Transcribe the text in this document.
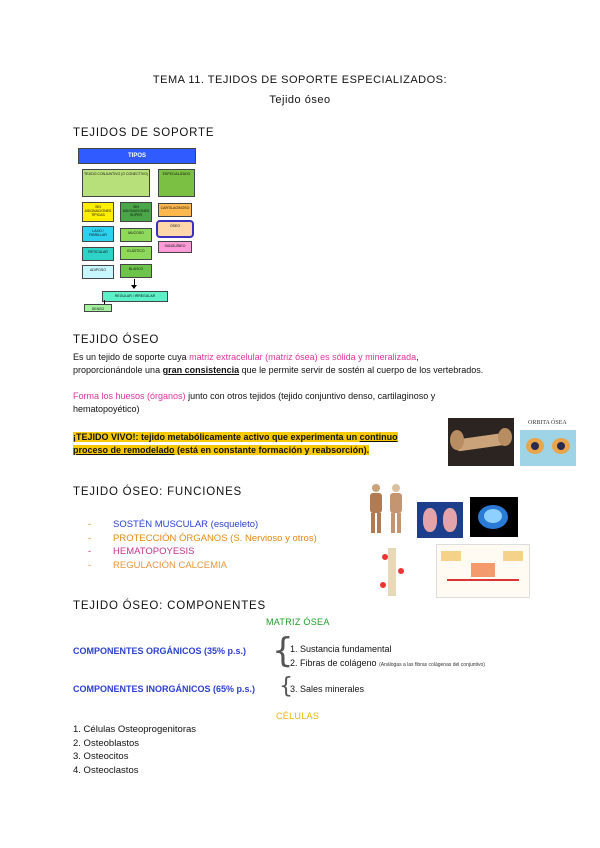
TEMA 11. TEJIDOS DE SOPORTE ESPECIALIZADOS:
Tejido óseo
TEJIDOS DE SOPORTE
TIPOS
TEJIDO CONJUNTIVO (O CONECTIVO)	ESPECIALIZADO
SIN ASIGNACIONES TÍPICAS
SIN ASIGNACIONES SUPER
CARTILAGINOSO
ÓSEO
SANGUÍNEO
LAXO / FIBRILLAR	MUCOSO
RETICULAR	ELÁSTICO
ADIPOSO	BLANCO
REGULAR / IRREGULAR
DENSO
TEJIDO ÓSEO
Es un tejido de soporte cuya matriz extracelular (matriz ósea) es sólida y mineralizada,
proporcionándole una gran consistencia que le permite servir de sostén al cuerpo de los vertebrados.
Forma los huesos (órganos) junto con otros tejidos (tejido conjuntivo denso, cartilaginoso y
hematopoyético)
¡TEJIDO VIVO!: tejido metabólicamente activo que experimenta un continuo
proceso de remodelado (está en constante formación y reabsorción).
ORBITA ÓSEA
TEJIDO ÓSEO: FUNCIONES
- SOSTÉN MUSCULAR (esqueleto)
- PROTECCIÓN ÓRGANOS (S. Nervioso y otros)
- HEMATOPOYESIS
- REGULACIÓN CALCEMIA
TEJIDO ÓSEO: COMPONENTES
MATRIZ ÓSEA
COMPONENTES ORGÁNICOS (35% p.s.) {
1. Sustancia fundamental
2. Fibras de colágeno (Análogas a las fibras colágenas del conjuntivo)
COMPONENTES INORGÁNICOS (65% p.s.) {
3. Sales minerales
CÉLULAS
1. Células Osteoprogenitoras
2. Osteoblastos
3. Osteocitos
4. Osteoclastos
